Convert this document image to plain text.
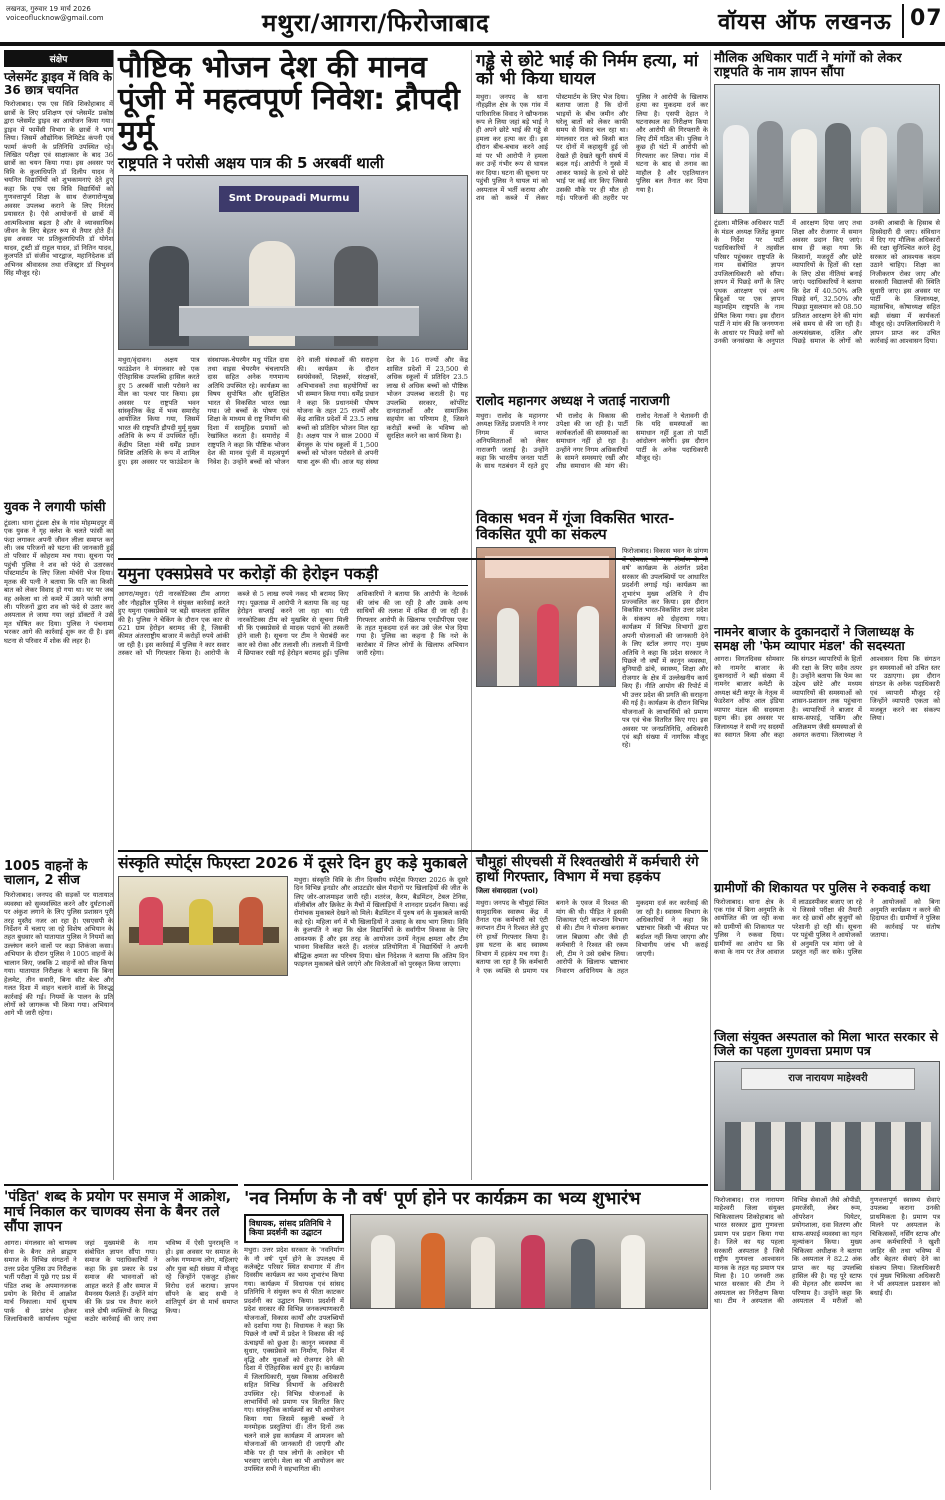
लखनऊ, गुरुवार 19 मार्च 2026
voiceoflucknow@gmail.com	मथुरा/आगरा/फिरोजाबाद	वॉयस ऑफ लखनऊ 07
संक्षेप
प्लेसमेंट ड्राइव में विवि के 36 छात्र चयनित
फिरोजाबाद। एफ एस विवि शिकोहाबाद में छात्रों के लिए प्रशिक्षण एवं प्लेसमेंट प्रकोष्ठ द्वारा प्लेसमेंट ड्राइव का आयोजन किया गया। ड्राइव में फार्मेसी विभाग के छात्रों ने भाग लिया। जिसमें औद्योगिक लिमिटेड कंपनी एवं फार्मा कंपनी के प्रतिनिधि उपस्थित रहे। लिखित परीक्षा एवं साक्षात्कार के बाद 36 छात्रों का चयन किया गया। इस अवसर पर विवि के कुलाधिपति डॉ दिलीप यादव ने चयनित विद्यार्थियों को शुभकामनाएं देते हुए कहा कि एफ एस विवि विद्यार्थियों को गुणवत्तापूर्ण शिक्षा के साथ रोजगारोन्मुख अवसर उपलब्ध कराने के लिए निरंतर प्रयासरत है। ऐसे आयोजनों से छात्रों में आत्मविश्वास बढ़ता है और वे व्यावसायिक जीवन के लिए बेहतर रूप से तैयार होते हैं। इस अवसर पर प्रतिकुलाधिपति डॉ योगेश यादव, ट्रस्टी डॉ राहुल यादव, डॉ नितिन यादव, कुलपति डॉ संजीव भारद्वाज, महानिदेशक डॉ अभिनव श्रीवास्तव तथा रजिस्ट्रार डॉ त्रिभुवन सिंह मौजूद रहे।
युवक ने लगायी फांसी
टूंडला। थाना टूंडला क्षेत्र के गांव मोहम्मदपुर में एक युवक ने गृह क्लेश के चलते फांसी का फंदा लगाकर अपनी जीवन लीला समाप्त कर ली। जब परिजनों को घटना की जानकारी हुई तो परिवार में कोहराम मच गया। सूचना पर पहुंची पुलिस ने शव को फंदे से उतारकर पोस्टमार्टम के लिए जिला मोर्चरी भेज दिया। मृतक की पत्नी ने बताया कि पति का किसी बात को लेकर विवाद हो गया था। घर पर जब वह अकेला था तो कमरे में उसने फांसी लगा ली। परिजनों द्वारा शव को फंदे से उतार कर अस्पताल ले जाया गया जहां डॉक्टरों ने उसे मृत घोषित कर दिया। पुलिस ने पंचनामा भरकर आगे की कार्रवाई शुरू कर दी है। इस घटना से परिवार में शोक की लहर है।
1005 वाहनों के चालान, 2 सीज
फिरोजाबाद। जनपद की सड़कों पर यातायात व्यवस्था को सुव्यवस्थित करने और दुर्घटनाओं पर अंकुश लगाने के लिए पुलिस प्रशासन पूरी तरह मुस्तैद नजर आ रहा है। एसएसपी के निर्देशन में चलाए जा रहे विशेष अभियान के तहत बुधवार को यातायात पुलिस ने नियमों का उल्लंघन करने वालों पर कड़ा शिकंजा कसा। अभियान के दौरान पुलिस ने 1005 वाहनों के चालान किए, जबकि 2 वाहनों को सीज किया गया। यातायात निरीक्षक ने बताया कि बिना हेलमेट, तीन सवारी, बिना सीट बेल्ट और गलत दिशा में वाहन चलाने वालों के विरुद्ध कार्रवाई की गई। नियमों के पालन के प्रति लोगों को जागरूक भी किया गया। अभियान आगे भी जारी रहेगा।
पौष्टिक भोजन देश की मानव पूंजी में महत्वपूर्ण निवेश: द्रौपदी मुर्मू
राष्ट्रपति ने परोसी अक्षय पात्र की 5 अरबवीं थाली
Smt Droupadi Murmu
मथुरा/वृंदावन। अक्षय पात्र फाउंडेशन ने मंगलवार को एक ऐतिहासिक उपलब्धि हासिल करते हुए 5 अरबवीं थाली परोसने का मील का पत्थर पार किया। इस अवसर पर राष्ट्रपति भवन सांस्कृतिक केंद्र में भव्य समारोह आयोजित किया गया, जिसमें भारत की राष्ट्रपति द्रौपदी मुर्मू मुख्य अतिथि के रूप में उपस्थित रहीं। केंद्रीय शिक्षा मंत्री धर्मेंद्र प्रधान विशिष्ट अतिथि के रूप में शामिल हुए। इस अवसर पर फाउंडेशन के संस्थापक-चेयरमैन मधु पंडित दास तथा वाइस चेयरमैन चंचलापति दास सहित अनेक गणमान्य अतिथि उपस्थित रहे। कार्यक्रम का विषय सुपोषित और सुशिक्षित भारत से विकसित भारत रखा गया। जो बच्चों के पोषण एवं शिक्षा के माध्यम से राष्ट्र निर्माण की दिशा में सामूहिक प्रयासों को रेखांकित करता है। समारोह में राष्ट्रपति ने कहा कि पौष्टिक भोजन देश की मानव पूंजी में महत्वपूर्ण निवेश है। उन्होंने बच्चों को भोजन देने वाली संस्थाओं की सराहना की। कार्यक्रम के दौरान स्वयंसेवकों, शिक्षकों, संरक्षकों, अभिभावकों तथा सहयोगियों का भी सम्मान किया गया। धर्मेंद्र प्रधान ने कहा कि प्रधानमंत्री पोषण योजना के तहत 25 राज्यों और केंद्र शासित प्रदेशों में 23.5 लाख बच्चों को प्रतिदिन भोजन मिल रहा है। अक्षय पात्र ने साल 2000 में बेंगलुरु के पांच स्कूलों में 1,500 बच्चों को भोजन परोसने से अपनी यात्रा शुरू की थी। आज यह संस्था देश के 16 राज्यों और केंद्र शासित प्रदेशों में 23,500 से अधिक स्कूलों में प्रतिदिन 23.5 लाख से अधिक बच्चों को पौष्टिक भोजन उपलब्ध कराती है। यह उपलब्धि सरकार, कॉर्पोरेट दानदाताओं और सामाजिक सहयोग का परिणाम है, जिसने करोड़ों बच्चों के भविष्य को सुरक्षित करने का कार्य किया है।
गड्ढे से छोटे भाई की निर्मम हत्या, मां को भी किया घायल
मथुरा। जनपद के थाना नौहझील क्षेत्र के एक गांव में पारिवारिक विवाद ने खौफनाक रूप ले लिया जहां बड़े भाई ने ही अपने छोटे भाई की गड्ढे से हमला कर हत्या कर दी। इस दौरान बीच-बचाव करने आई मां पर भी आरोपी ने हमला कर उन्हें गंभीर रूप से घायल कर दिया। घटना की सूचना पर पहुंची पुलिस ने घायल मां को अस्पताल में भर्ती कराया और शव को कब्जे में लेकर पोस्टमार्टम के लिए भेज दिया। बताया जाता है कि दोनों भाइयों के बीच जमीन और घरेलू बातों को लेकर काफी समय से विवाद चल रहा था। मंगलवार रात को किसी बात पर दोनों में कहासुनी हुई जो देखते ही देखते खूनी संघर्ष में बदल गई। आरोपी ने गुस्से में आकर फावड़े के हत्थे से छोटे भाई पर कई वार किए जिससे उसकी मौके पर ही मौत हो गई। परिजनों की तहरीर पर पुलिस ने आरोपी के खिलाफ हत्या का मुकदमा दर्ज कर लिया है। एसपी देहात ने घटनास्थल का निरीक्षण किया और आरोपी की गिरफ्तारी के लिए टीमें गठित की। पुलिस ने कुछ ही घंटों में आरोपी को गिरफ्तार कर लिया। गांव में घटना के बाद से तनाव का माहौल है और एहतियातन पुलिस बल तैनात कर दिया गया है।
रालोद महानगर अध्यक्ष ने जताई नाराजगी
मथुरा। रालोद के महानगर अध्यक्ष जितेंद्र प्रजापति ने नगर निगम में व्याप्त अनियमितताओं को लेकर नाराजगी जताई है। उन्होंने कहा कि भारतीय जनता पार्टी के साथ गठबंधन में रहते हुए भी रालोद के विकास की उपेक्षा की जा रही है। पार्टी कार्यकर्ताओं की समस्याओं का समाधान नहीं हो रहा है। उन्होंने नगर निगम अधिकारियों के सामने समस्याएं रखीं और शीघ्र समाधान की मांग की। रालोद नेताओं ने चेतावनी दी कि यदि समस्याओं का समाधान नहीं हुआ तो पार्टी आंदोलन करेगी। इस दौरान पार्टी के अनेक पदाधिकारी मौजूद रहे।
मौलिक अधिकार पार्टी ने मांगों को लेकर राष्ट्रपति के नाम ज्ञापन सौंपा
टूंडला। मौलिक अधिकार पार्टी के मंडल अध्यक्ष जितेंद्र कुमार के निर्देश पर पार्टी पदाधिकारियों ने तहसील परिसर पहुंचकर राष्ट्रपति के नाम संबोधित ज्ञापन उपजिलाधिकारी को सौंपा। ज्ञापन में पिछड़े वर्गों के लिए पृथक आरक्षण एवं अन्य बिंदुओं पर एक ज्ञापन महामहिम राष्ट्रपति के नाम प्रेषित किया गया। इस दौरान पार्टी ने मांग की कि जनगणना के आधार पर पिछड़े वर्गों को उनकी जनसंख्या के अनुपात में आरक्षण दिया जाए तथा शिक्षा और रोजगार में समान अवसर प्रदान किए जाएं। साथ ही कहा गया कि किसानों, मजदूरों और छोटे व्यापारियों के हितों की रक्षा के लिए ठोस नीतियां बनाई जाएं। पदाधिकारियों ने बताया कि देश में 40.50% अति पिछड़े वर्ग, 32.50% और पिछड़ा मुसलमान को 08.50 प्रतिशत आरक्षण देने की मांग लंबे समय से की जा रही है। अल्पसंख्यक, दलित और पिछड़े समाज के लोगों को उनकी आबादी के हिसाब से हिस्सेदारी दी जाए। संविधान में दिए गए मौलिक अधिकारों की रक्षा सुनिश्चित करने हेतु सरकार को आवश्यक कदम उठाने चाहिए। शिक्षा का निजीकरण रोका जाए और सरकारी विद्यालयों की स्थिति सुधारी जाए। इस अवसर पर पार्टी के जिलाध्यक्ष, महासचिव, कोषाध्यक्ष सहित बड़ी संख्या में कार्यकर्ता मौजूद रहे। उपजिलाधिकारी ने ज्ञापन प्राप्त कर उचित कार्रवाई का आश्वासन दिया।
नामनेर बाजार के दुकानदारों ने जिलाध्यक्ष के समक्ष ली 'फेम व्यापार मंडल' की सदस्यता
आगरा। विगतदिवस सोमवार को नामनेर बाजार के दुकानदारों ने बड़ी संख्या में नामनेर बाजार कमेटी के अध्यक्ष बंटी कपूर के नेतृत्व में फेडरेशन ऑफ आल इंडिया व्यापार मंडल की सदस्यता ग्रहण की। इस अवसर पर जिलाध्यक्ष ने सभी नए सदस्यों का स्वागत किया और कहा कि संगठन व्यापारियों के हितों की रक्षा के लिए सदैव तत्पर है। उन्होंने बताया कि फेम का उद्देश्य छोटे और मध्यम व्यापारियों की समस्याओं को शासन-प्रशासन तक पहुंचाना है। व्यापारियों ने बाजार में साफ-सफाई, पार्किंग और अतिक्रमण जैसी समस्याओं से अवगत कराया। जिलाध्यक्ष ने आश्वासन दिया कि संगठन इन समस्याओं को उचित स्तर पर उठाएगा। इस दौरान संगठन के अनेक पदाधिकारी एवं व्यापारी मौजूद रहे जिन्होंने व्यापारी एकता को मजबूत करने का संकल्प लिया।
ग्रामीणों की शिकायत पर पुलिस ने रुकवाई कथा
फिरोजाबाद। थाना क्षेत्र के एक गांव में बिना अनुमति के आयोजित की जा रही कथा को ग्रामीणों की शिकायत पर पुलिस ने रुकवा दिया। ग्रामीणों का आरोप था कि कथा के नाम पर तेज आवाज में लाउडस्पीकर बजाए जा रहे थे जिससे परीक्षा की तैयारी कर रहे छात्रों और बुजुर्गों को परेशानी हो रही थी। सूचना पर पहुंची पुलिस ने आयोजकों से अनुमति पत्र मांगा जो वे प्रस्तुत नहीं कर सके। पुलिस ने आयोजकों को बिना अनुमति कार्यक्रम न करने की हिदायत दी। ग्रामीणों ने पुलिस की कार्रवाई पर संतोष जताया।
यमुना एक्सप्रेसवे पर करोड़ों की हेरोइन पकड़ी
आगरा/मथुरा। एंटी नारकोटिक्स टीम आगरा और नौहझील पुलिस ने संयुक्त कार्रवाई करते हुए यमुना एक्सप्रेसवे पर बड़ी सफलता हासिल की है। पुलिस ने चेकिंग के दौरान एक कार से 621 ग्राम हेरोइन बरामद की है, जिसकी कीमत अंतरराष्ट्रीय बाजार में करोड़ों रुपये आंकी जा रही है। इस कार्रवाई में पुलिस ने कार सवार तस्कर को भी गिरफ्तार किया है। आरोपी के कब्जे से 5 लाख रुपये नकद भी बरामद किए गए। पूछताछ में आरोपी ने बताया कि वह यह हेरोइन सप्लाई करने जा रहा था। एंटी नारकोटिक्स टीम को मुखबिर से सूचना मिली थी कि एक्सप्रेसवे से मादक पदार्थ की तस्करी होने वाली है। सूचना पर टीम ने घेराबंदी कर कार को रोका और तलाशी ली। तलाशी में डिग्गी में छिपाकर रखी गई हेरोइन बरामद हुई। पुलिस अधिकारियों ने बताया कि आरोपी के नेटवर्क की जांच की जा रही है और उसके अन्य साथियों की तलाश में दबिश दी जा रही है। गिरफ्तार आरोपी के खिलाफ एनडीपीएस एक्ट के तहत मुकदमा दर्ज कर उसे जेल भेज दिया गया है। पुलिस का कहना है कि नशे के कारोबार में लिप्त लोगों के खिलाफ अभियान जारी रहेगा।
विकास भवन में गूंजा विकसित भारत-विकसित यूपी का संकल्प
फिरोजाबाद। विकास भवन के प्रांगण वर्ष' कार्यक्रम के अंतर्गत प्रदेश सरकार की उपलब्धियों पर आधारित प्रदर्शनी लगाई गई। कार्यक्रम का शुभारंभ मुख्य अतिथि ने दीप प्रज्ज्वलित कर किया। इस दौरान विकसित भारत-विकसित उत्तर प्रदेश के संकल्प को दोहराया गया। कार्यक्रम में विभिन्न विभागों द्वारा अपनी योजनाओं की जानकारी देने के लिए स्टॉल लगाए गए। मुख्य अतिथि ने कहा कि प्रदेश सरकार ने पिछले नौ वर्षों में कानून व्यवस्था, बुनियादी ढांचे, स्वास्थ्य, शिक्षा और रोजगार के क्षेत्र में उल्लेखनीय कार्य किए हैं। नीति आयोग की रिपोर्ट में भी उत्तर प्रदेश की प्रगति की सराहना की गई है। कार्यक्रम के दौरान विभिन्न योजनाओं के लाभार्थियों को प्रमाण पत्र एवं चेक वितरित किए गए। इस अवसर पर जनप्रतिनिधि, अधिकारी एवं बड़ी संख्या में नागरिक मौजूद रहे।
संस्कृति स्पोर्ट्स फिएस्टा 2026 में दूसरे दिन हुए कड़े मुकाबले
मथुरा। संस्कृति विवि के तीन दिवसीय स्पोर्ट्स फिएस्टा 2026 के दूसरे दिन विभिन्न इनडोर और आउटडोर खेल मैदानों पर खिलाड़ियों की जीत के लिए जोर-आजमाइश जारी रही। शतरंज, कैरम, बैडमिंटन, टेबल टेनिस, वॉलीबॉल और क्रिकेट के मैचों में खिलाड़ियों ने शानदार प्रदर्शन किया। कई रोमांचक मुकाबले देखने को मिले। बैडमिंटन में पुरुष वर्ग के मुकाबले काफी कड़े रहे। महिला वर्ग में भी खिलाड़ियों ने उत्साह के साथ भाग लिया। विवि के कुलपति ने कहा कि खेल विद्यार्थियों के सर्वांगीण विकास के लिए आवश्यक हैं और इस तरह के आयोजन उनमें नेतृत्व क्षमता और टीम भावना विकसित करते हैं। शतरंज प्रतियोगिता में विद्यार्थियों ने अपनी बौद्धिक क्षमता का परिचय दिया। खेल निदेशक ने बताया कि अंतिम दिन फाइनल मुकाबले खेले जाएंगे और विजेताओं को पुरस्कृत किया जाएगा।
चौमुहां सीएचसी में रिश्वतखोरी में कर्मचारी रंगे हाथों गिरफ्तार, विभाग में मचा हड़कंप
जिला संवाददाता (vol)
मथुरा। जनपद के चौमुहां स्थित सामुदायिक स्वास्थ्य केंद्र में तैनात एक कर्मचारी को एंटी करप्शन टीम ने रिश्वत लेते हुए रंगे हाथों गिरफ्तार किया है। इस घटना के बाद स्वास्थ्य विभाग में हड़कंप मच गया है। बताया जा रहा है कि कर्मचारी ने एक व्यक्ति से प्रमाण पत्र बनाने के एवज में रिश्वत की मांग की थी। पीड़ित ने इसकी शिकायत एंटी करप्शन विभाग से की। टीम ने योजना बनाकर जाल बिछाया और जैसे ही कर्मचारी ने रिश्वत की रकम ली, टीम ने उसे दबोच लिया। आरोपी के खिलाफ भ्रष्टाचार निवारण अधिनियम के तहत मुकदमा दर्ज कर कार्रवाई की जा रही है। स्वास्थ्य विभाग के अधिकारियों ने कहा कि भ्रष्टाचार किसी भी कीमत पर बर्दाश्त नहीं किया जाएगा और विभागीय जांच भी कराई जाएगी।
जिला संयुक्त अस्पताल को मिला भारत सरकार से जिले का पहला गुणवत्ता प्रमाण पत्र
राज नारायण माहेश्वरी
फिरोजाबाद। राज नारायण माहेश्वरी जिला संयुक्त चिकित्सालय शिकोहाबाद को भारत सरकार द्वारा गुणवत्ता प्रमाण पत्र प्रदान किया गया है। जिले का यह पहला सरकारी अस्पताल है जिसे राष्ट्रीय गुणवत्ता आश्वासन मानक के तहत यह प्रमाण पत्र मिला है। 10 जनवरी तक भारत सरकार की टीम ने अस्पताल का निरीक्षण किया था। टीम ने अस्पताल की विभिन्न सेवाओं जैसे ओपीडी, इमरजेंसी, लेबर रूम, ऑपरेशन थियेटर, प्रयोगशाला, दवा वितरण और साफ-सफाई व्यवस्था का गहन मूल्यांकन किया। मुख्य चिकित्सा अधीक्षक ने बताया कि अस्पताल ने 82.2 अंक प्राप्त कर यह उपलब्धि हासिल की है। यह पूरे स्टाफ की मेहनत और समर्पण का परिणाम है। उन्होंने कहा कि अस्पताल में मरीजों को गुणवत्तापूर्ण स्वास्थ्य सेवाएं उपलब्ध कराना उनकी प्राथमिकता है। प्रमाण पत्र मिलने पर अस्पताल के चिकित्सकों, नर्सिंग स्टाफ और अन्य कर्मचारियों ने खुशी जाहिर की तथा भविष्य में और बेहतर सेवाएं देने का संकल्प लिया। जिलाधिकारी एवं मुख्य चिकित्सा अधिकारी ने भी अस्पताल प्रशासन को बधाई दी।
'पंडित' शब्द के प्रयोग पर समाज में आक्रोश, मार्च निकाल कर चाणक्य सेना के बैनर तले सौंपा ज्ञापन
आगरा। मंगलवार को चाणक्य सेना के बैनर तले ब्राह्मण समाज के विभिन्न संगठनों ने उत्तर प्रदेश पुलिस उप निरीक्षक भर्ती परीक्षा में पूछे गए प्रश्न में पंडित शब्द के अपमानजनक प्रयोग के विरोध में आक्रोश मार्च निकाला। मार्च सुभाष पार्क से प्रारंभ होकर जिलाधिकारी कार्यालय पहुंचा जहां मुख्यमंत्री के नाम संबोधित ज्ञापन सौंपा गया। समाज के पदाधिकारियों ने कहा कि इस प्रकार के प्रश्न समाज की भावनाओं को आहत करते हैं और समाज में वैमनस्य फैलाते हैं। उन्होंने मांग की कि प्रश्न पत्र तैयार करने वाले दोषी व्यक्तियों के विरुद्ध कठोर कार्रवाई की जाए तथा भविष्य में ऐसी पुनरावृत्ति न हो। इस अवसर पर समाज के अनेक गणमान्य लोग, महिलाएं और युवा बड़ी संख्या में मौजूद रहे जिन्होंने एकजुट होकर विरोध दर्ज कराया। ज्ञापन सौंपने के बाद सभी ने शांतिपूर्ण ढंग से मार्च समाप्त किया।
'नव निर्माण के नौ वर्ष' पूर्ण होने पर कार्यक्रम का भव्य शुभारंभ
विधायक, सांसद प्रतिनिधि ने किया प्रदर्शनी का उद्घाटन
मथुरा। उत्तर प्रदेश सरकार के 'नवनिर्माण के नौ वर्ष' पूर्ण होने के उपलक्ष्य में कलेक्ट्रेट परिसर स्थित सभागार में तीन दिवसीय कार्यक्रम का भव्य शुभारंभ किया गया। कार्यक्रम में विधायक एवं सांसद प्रतिनिधि ने संयुक्त रूप से फीता काटकर प्रदर्शनी का उद्घाटन किया। प्रदर्शनी में प्रदेश सरकार की विभिन्न जनकल्याणकारी योजनाओं, विकास कार्यों और उपलब्धियों को दर्शाया गया है। विधायक ने कहा कि पिछले नौ वर्षों में प्रदेश ने विकास की नई ऊंचाइयों को छुआ है। कानून व्यवस्था में सुधार, एक्सप्रेसवे का निर्माण, निवेश में वृद्धि और युवाओं को रोजगार देने की दिशा में ऐतिहासिक कार्य हुए हैं। कार्यक्रम में जिलाधिकारी, मुख्य विकास अधिकारी सहित विभिन्न विभागों के अधिकारी उपस्थित रहे। विभिन्न योजनाओं के लाभार्थियों को प्रमाण पत्र वितरित किए गए। सांस्कृतिक कार्यक्रमों का भी आयोजन किया गया जिसमें स्कूली बच्चों ने मनमोहक प्रस्तुतियां दीं। तीन दिनों तक चलने वाले इस कार्यक्रम में आमजन को योजनाओं की जानकारी दी जाएगी और मौके पर ही पात्र लोगों के आवेदन भी भरवाए जाएंगे। मेला का भी आयोजन कर उपस्थित सभी ने सहभागिता की।
